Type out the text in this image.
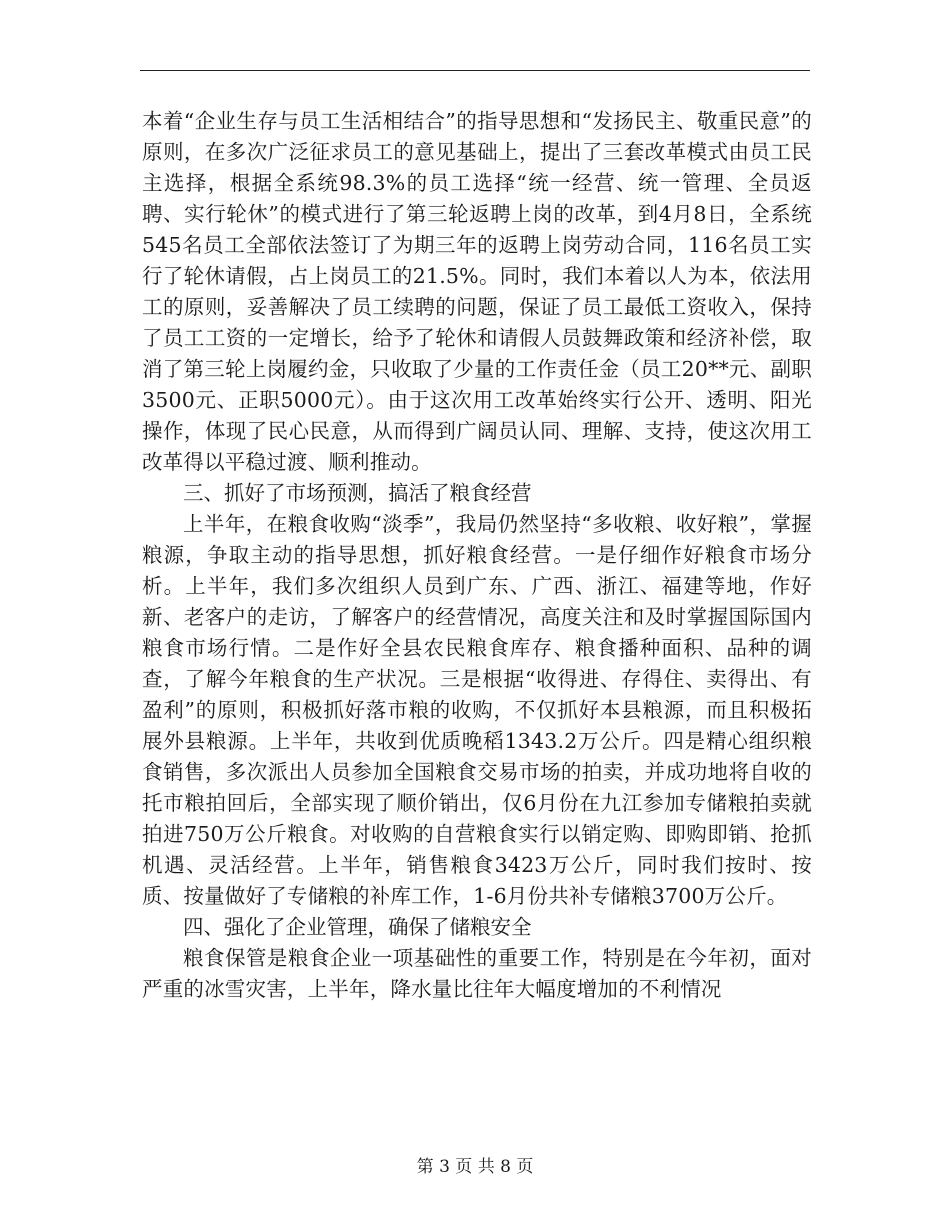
本着“企业生存与员工生活相结合”的指导思想和“发扬民主、敬重民意”的原则，在多次广泛征求员工的意见基础上，提出了三套改革模式由员工民主选择，根据全系统98.3%的员工选择“统一经营、统一管理、全员返聘、实行轮休”的模式进行了第三轮返聘上岗的改革，到4月8日，全系统545名员工全部依法签订了为期三年的返聘上岗劳动合同，116名员工实行了轮休请假，占上岗员工的21.5%。同时，我们本着以人为本，依法用工的原则，妥善解决了员工续聘的问题，保证了员工最低工资收入，保持了员工工资的一定增长，给予了轮休和请假人员鼓舞政策和经济补偿，取消了第三轮上岗履约金，只收取了少量的工作责任金（员工20**元、副职3500元、正职5000元）。由于这次用工改革始终实行公开、透明、阳光操作，体现了民心民意，从而得到广阔员认同、理解、支持，使这次用工改革得以平稳过渡、顺利推动。

三、抓好了市场预测，搞活了粮食经营

上半年，在粮食收购“淡季”，我局仍然坚持“多收粮、收好粮”，掌握粮源，争取主动的指导思想，抓好粮食经营。一是仔细作好粮食市场分析。上半年，我们多次组织人员到广东、广西、浙江、福建等地，作好新、老客户的走访，了解客户的经营情况，高度关注和及时掌握国际国内粮食市场行情。二是作好全县农民粮食库存、粮食播种面积、品种的调查，了解今年粮食的生产状况。三是根据“收得进、存得住、卖得出、有盈利”的原则，积极抓好落市粮的收购，不仅抓好本县粮源，而且积极拓展外县粮源。上半年，共收到优质晚稻1343.2万公斤。四是精心组织粮食销售，多次派出人员参加全国粮食交易市场的拍卖，并成功地将自收的托市粮拍回后，全部实现了顺价销出，仅6月份在九江参加专储粮拍卖就拍进750万公斤粮食。对收购的自营粮食实行以销定购、即购即销、抢抓机遇、灵活经营。上半年，销售粮食3423万公斤，同时我们按时、按质、按量做好了专储粮的补库工作，1-6月份共补专储粮3700万公斤。

四、强化了企业管理，确保了储粮安全

粮食保管是粮食企业一项基础性的重要工作，特别是在今年初，面对严重的冰雪灾害，上半年，降水量比往年大幅度增加的不利情况

第 3 页 共 8 页
